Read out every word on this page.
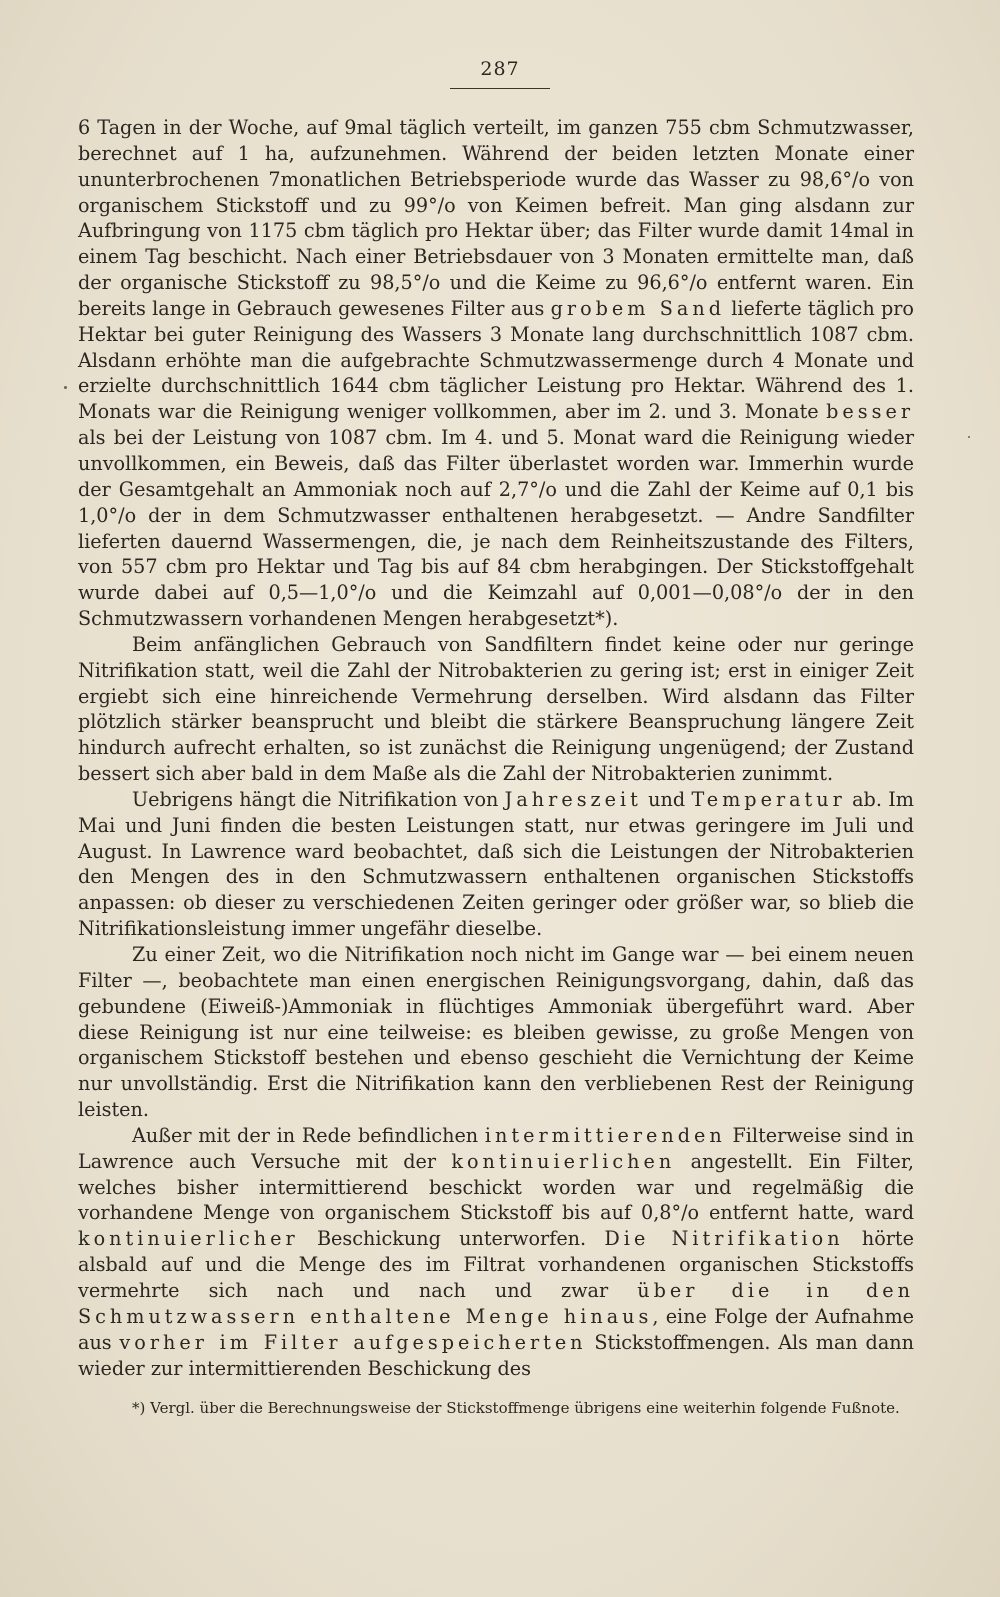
287

6 Tagen in der Woche, auf 9mal täglich verteilt, im ganzen 755 cbm Schmutzwasser, berechnet auf 1 ha, aufzunehmen. Während der beiden letzten Monate einer ununterbrochenen 7monatlichen Betriebsperiode wurde das Wasser zu 98,6°/o von organischem Stickstoff und zu 99°/o von Keimen befreit. Man ging alsdann zur Aufbringung von 1175 cbm täglich pro Hektar über; das Filter wurde damit 14mal in einem Tag beschicht. Nach einer Betriebsdauer von 3 Monaten ermittelte man, daß der organische Stickstoff zu 98,5°/o und die Keime zu 96,6°/o entfernt waren. Ein bereits lange in Gebrauch gewesenes Filter aus grobem Sand lieferte täglich pro Hektar bei guter Reinigung des Wassers 3 Monate lang durchschnittlich 1087 cbm. Alsdann erhöhte man die aufgebrachte Schmutzwassermenge durch 4 Monate und erzielte durchschnittlich 1644 cbm täglicher Leistung pro Hektar. Während des 1. Monats war die Reinigung weniger vollkommen, aber im 2. und 3. Monate besser als bei der Leistung von 1087 cbm. Im 4. und 5. Monat ward die Reinigung wieder unvollkommen, ein Beweis, daß das Filter überlastet worden war. Immerhin wurde der Gesamtgehalt an Ammoniak noch auf 2,7°/o und die Zahl der Keime auf 0,1 bis 1,0°/o der in dem Schmutzwasser enthaltenen herabgesetzt. — Andre Sandfilter lieferten dauernd Wassermengen, die, je nach dem Reinheitszustande des Filters, von 557 cbm pro Hektar und Tag bis auf 84 cbm herabgingen. Der Stickstoffgehalt wurde dabei auf 0,5—1,0°/o und die Keimzahl auf 0,001—0,08°/o der in den Schmutzwassern vorhandenen Mengen herabgesetzt*).

Beim anfänglichen Gebrauch von Sandfiltern findet keine oder nur geringe Nitrifikation statt, weil die Zahl der Nitrobakterien zu gering ist; erst in einiger Zeit ergiebt sich eine hinreichende Vermehrung derselben. Wird alsdann das Filter plötzlich stärker beansprucht und bleibt die stärkere Beanspruchung längere Zeit hindurch aufrecht erhalten, so ist zunächst die Reinigung ungenügend; der Zustand bessert sich aber bald in dem Maße als die Zahl der Nitrobakterien zunimmt.

Uebrigens hängt die Nitrifikation von Jahreszeit und Temperatur ab. Im Mai und Juni finden die besten Leistungen statt, nur etwas geringere im Juli und August. In Lawrence ward beobachtet, daß sich die Leistungen der Nitrobakterien den Mengen des in den Schmutzwassern enthaltenen organischen Stickstoffs anpassen: ob dieser zu verschiedenen Zeiten geringer oder größer war, so blieb die Nitrifikationsleistung immer ungefähr dieselbe.

Zu einer Zeit, wo die Nitrifikation noch nicht im Gange war — bei einem neuen Filter —, beobachtete man einen energischen Reinigungsvorgang, dahin, daß das gebundene (Eiweiß-)Ammoniak in flüchtiges Ammoniak übergeführt ward. Aber diese Reinigung ist nur eine teilweise: es bleiben gewisse, zu große Mengen von organischem Stickstoff bestehen und ebenso geschieht die Vernichtung der Keime nur unvollständig. Erst die Nitrifikation kann den verbliebenen Rest der Reinigung leisten.

Außer mit der in Rede befindlichen intermittierenden Filterweise sind in Lawrence auch Versuche mit der kontinuierlichen angestellt. Ein Filter, welches bisher intermittierend beschickt worden war und regelmäßig die vorhandene Menge von organischem Stickstoff bis auf 0,8°/o entfernt hatte, ward kontinuierlicher Beschickung unterworfen. Die Nitrifikation hörte alsbald auf und die Menge des im Filtrat vorhandenen organischen Stickstoffs vermehrte sich nach und nach und zwar über die in den Schmutzwassern enthaltene Menge hinaus, eine Folge der Aufnahme aus vorher im Filter aufgespeicherten Stickstoffmengen. Als man dann wieder zur intermittierenden Beschickung des

*) Vergl. über die Berechnungsweise der Stickstoffmenge übrigens eine weiterhin folgende Fußnote.
